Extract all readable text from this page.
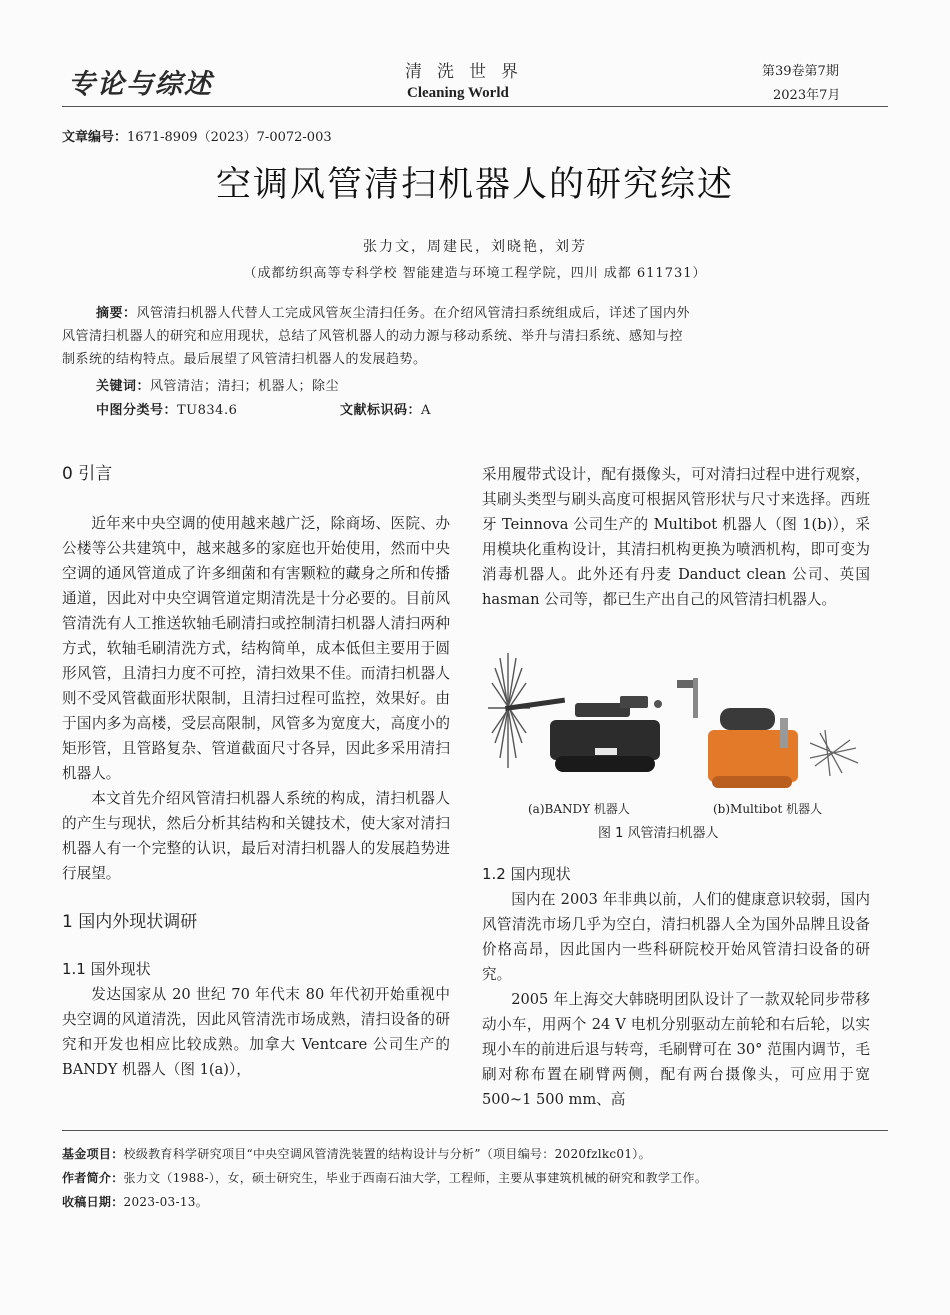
专论与综述	清洗世界
Cleaning World
第39卷第7期
2023年7月
文章编号：1671-8909（2023）7-0072-003
空调风管清扫机器人的研究综述
张力文，周建民，刘晓艳，刘芳
（成都纺织高等专科学校 智能建造与环境工程学院，四川 成都 611731）
摘要：风管清扫机器人代替人工完成风管灰尘清扫任务。在介绍风管清扫系统组成后，详述了国内外
风管清扫机器人的研究和应用现状，总结了风管机器人的动力源与移动系统、举升与清扫系统、感知与控
制系统的结构特点。最后展望了风管清扫机器人的发展趋势。
关键词：风管清洁；清扫；机器人；除尘
中图分类号：TU834.6	文献标识码：A

0 引言

近年来中央空调的使用越来越广泛，除商场、医院、办公楼等公共建筑中，越来越多的家庭也开始使用，然而中央空调的通风管道成了许多细菌和有害颗粒的藏身之所和传播通道，因此对中央空调管道定期清洗是十分必要的。目前风管清洗有人工推送软轴毛刷清扫或控制清扫机器人清扫两种方式，软轴毛刷清洗方式，结构简单，成本低但主要用于圆形风管，且清扫力度不可控，清扫效果不佳。而清扫机器人则不受风管截面形状限制，且清扫过程可监控，效果好。由于国内多为高楼，受层高限制，风管多为宽度大，高度小的矩形管，且管路复杂、管道截面尺寸各异，因此多采用清扫机器人。

本文首先介绍风管清扫机器人系统的构成，清扫机器人的产生与现状，然后分析其结构和关键技术，使大家对清扫机器人有一个完整的认识，最后对清扫机器人的发展趋势进行展望。

1 国内外现状调研

1.1 国外现状

发达国家从 20 世纪 70 年代末 80 年代初开始重视中央空调的风道清洗，因此风管清洗市场成熟，清扫设备的研究和开发也相应比较成熟。加拿大 Ventcare 公司生产的 BANDY 机器人（图 1(a)），

采用履带式设计，配有摄像头，可对清扫过程中进行观察，其刷头类型与刷头高度可根据风管形状与尺寸来选择。西班牙 Teinnova 公司生产的 Multibot 机器人（图 1(b)），采用模块化重构设计，其清扫机构更换为喷洒机构，即可变为消毒机器人。此外还有丹麦 Danduct clean 公司、英国 hasman 公司等，都已生产出自己的风管清扫机器人。

(a)BANDY 机器人	(b)Multibot 机器人
图 1 风管清扫机器人

1.2 国内现状

国内在 2003 年非典以前，人们的健康意识较弱，国内风管清洗市场几乎为空白，清扫机器人全为国外品牌且设备价格高昂，因此国内一些科研院校开始风管清扫设备的研究。

2005 年上海交大韩晓明团队设计了一款双轮同步带移动小车，用两个 24 V 电机分别驱动左前轮和右后轮，以实现小车的前进后退与转弯，毛刷臂可在 30° 范围内调节，毛刷对称布置在刷臂两侧，配有两台摄像头，可应用于宽 500~1 500 mm、高

基金项目：校级教育科学研究项目“中央空调风管清洗装置的结构设计与分析”（项目编号：2020fzlkc01）。
作者简介：张力文（1988-），女，硕士研究生，毕业于西南石油大学，工程师，主要从事建筑机械的研究和教学工作。
收稿日期：2023-03-13。
